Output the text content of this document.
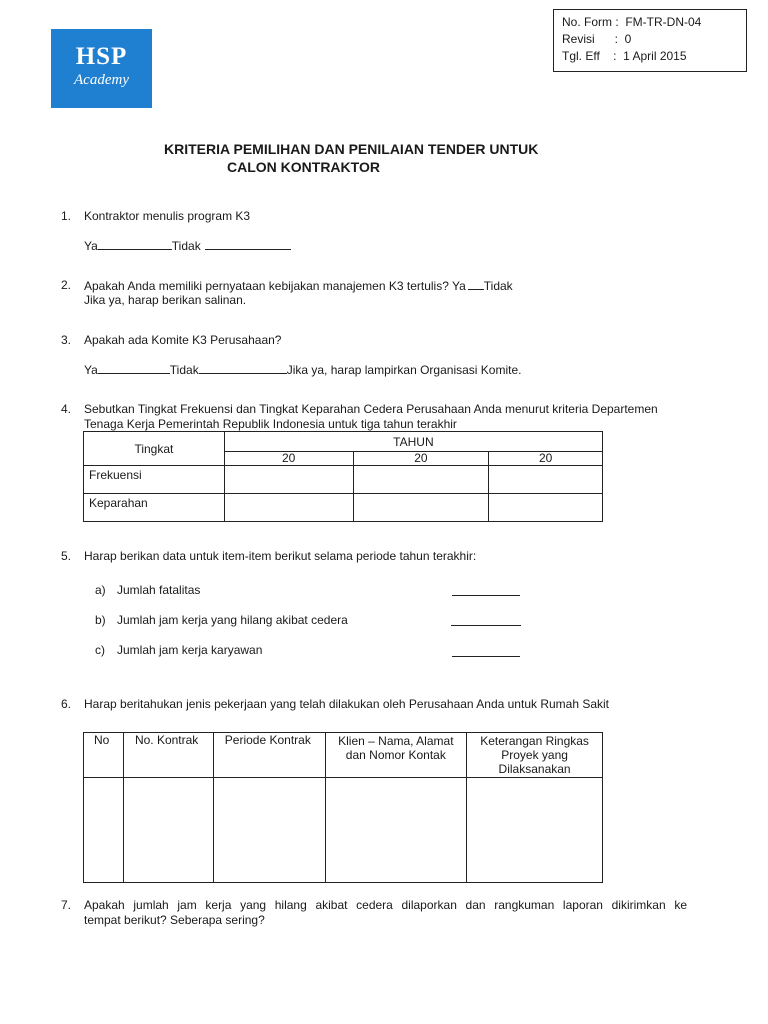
HSP
Academy
No. Form :  FM-TR-DN-04
Revisi      :  0
Tgl. Eff    :  1 April 2015
KRITERIA PEMILIHAN DAN PENILAIAN TENDER UNTUK
CALON KONTRAKTOR
1. Kontraktor menulis program K3
Ya	Tidak
2. Apakah Anda memiliki pernyataan kebijakan manajemen K3 tertulis? Ya Tidak
Jika ya, harap berikan salinan.
3. Apakah ada Komite K3 Perusahaan?
Ya	Tidak	Jika ya, harap lampirkan Organisasi Komite.
4. Sebutkan Tingkat Frekuensi dan Tingkat Keparahan Cedera Perusahaan Anda menurut kriteria Departemen
Tenaga Kerja Pemerintah Republik Indonesia untuk tiga tahun terakhir
Tingkat	TAHUN		
	20	20	20
Frekuensi			
Keparahan			
5. Harap berikan data untuk item-item berikut selama periode tahun terakhir:
a) Jumlah fatalitas
b) Jumlah jam kerja yang hilang akibat cedera
c) Jumlah jam kerja karyawan
6. Harap beritahukan jenis pekerjaan yang telah dilakukan oleh Perusahaan Anda untuk Rumah Sakit
No	No. Kontrak	Periode Kontrak	Klien – Nama, Alamat dan Nomor Kontak	Keterangan Ringkas Proyek yang Dilaksanakan

7. Apakah jumlah jam kerja yang hilang akibat cedera dilaporkan dan rangkuman laporan dikirimkan ke
tempat berikut? Seberapa sering?
